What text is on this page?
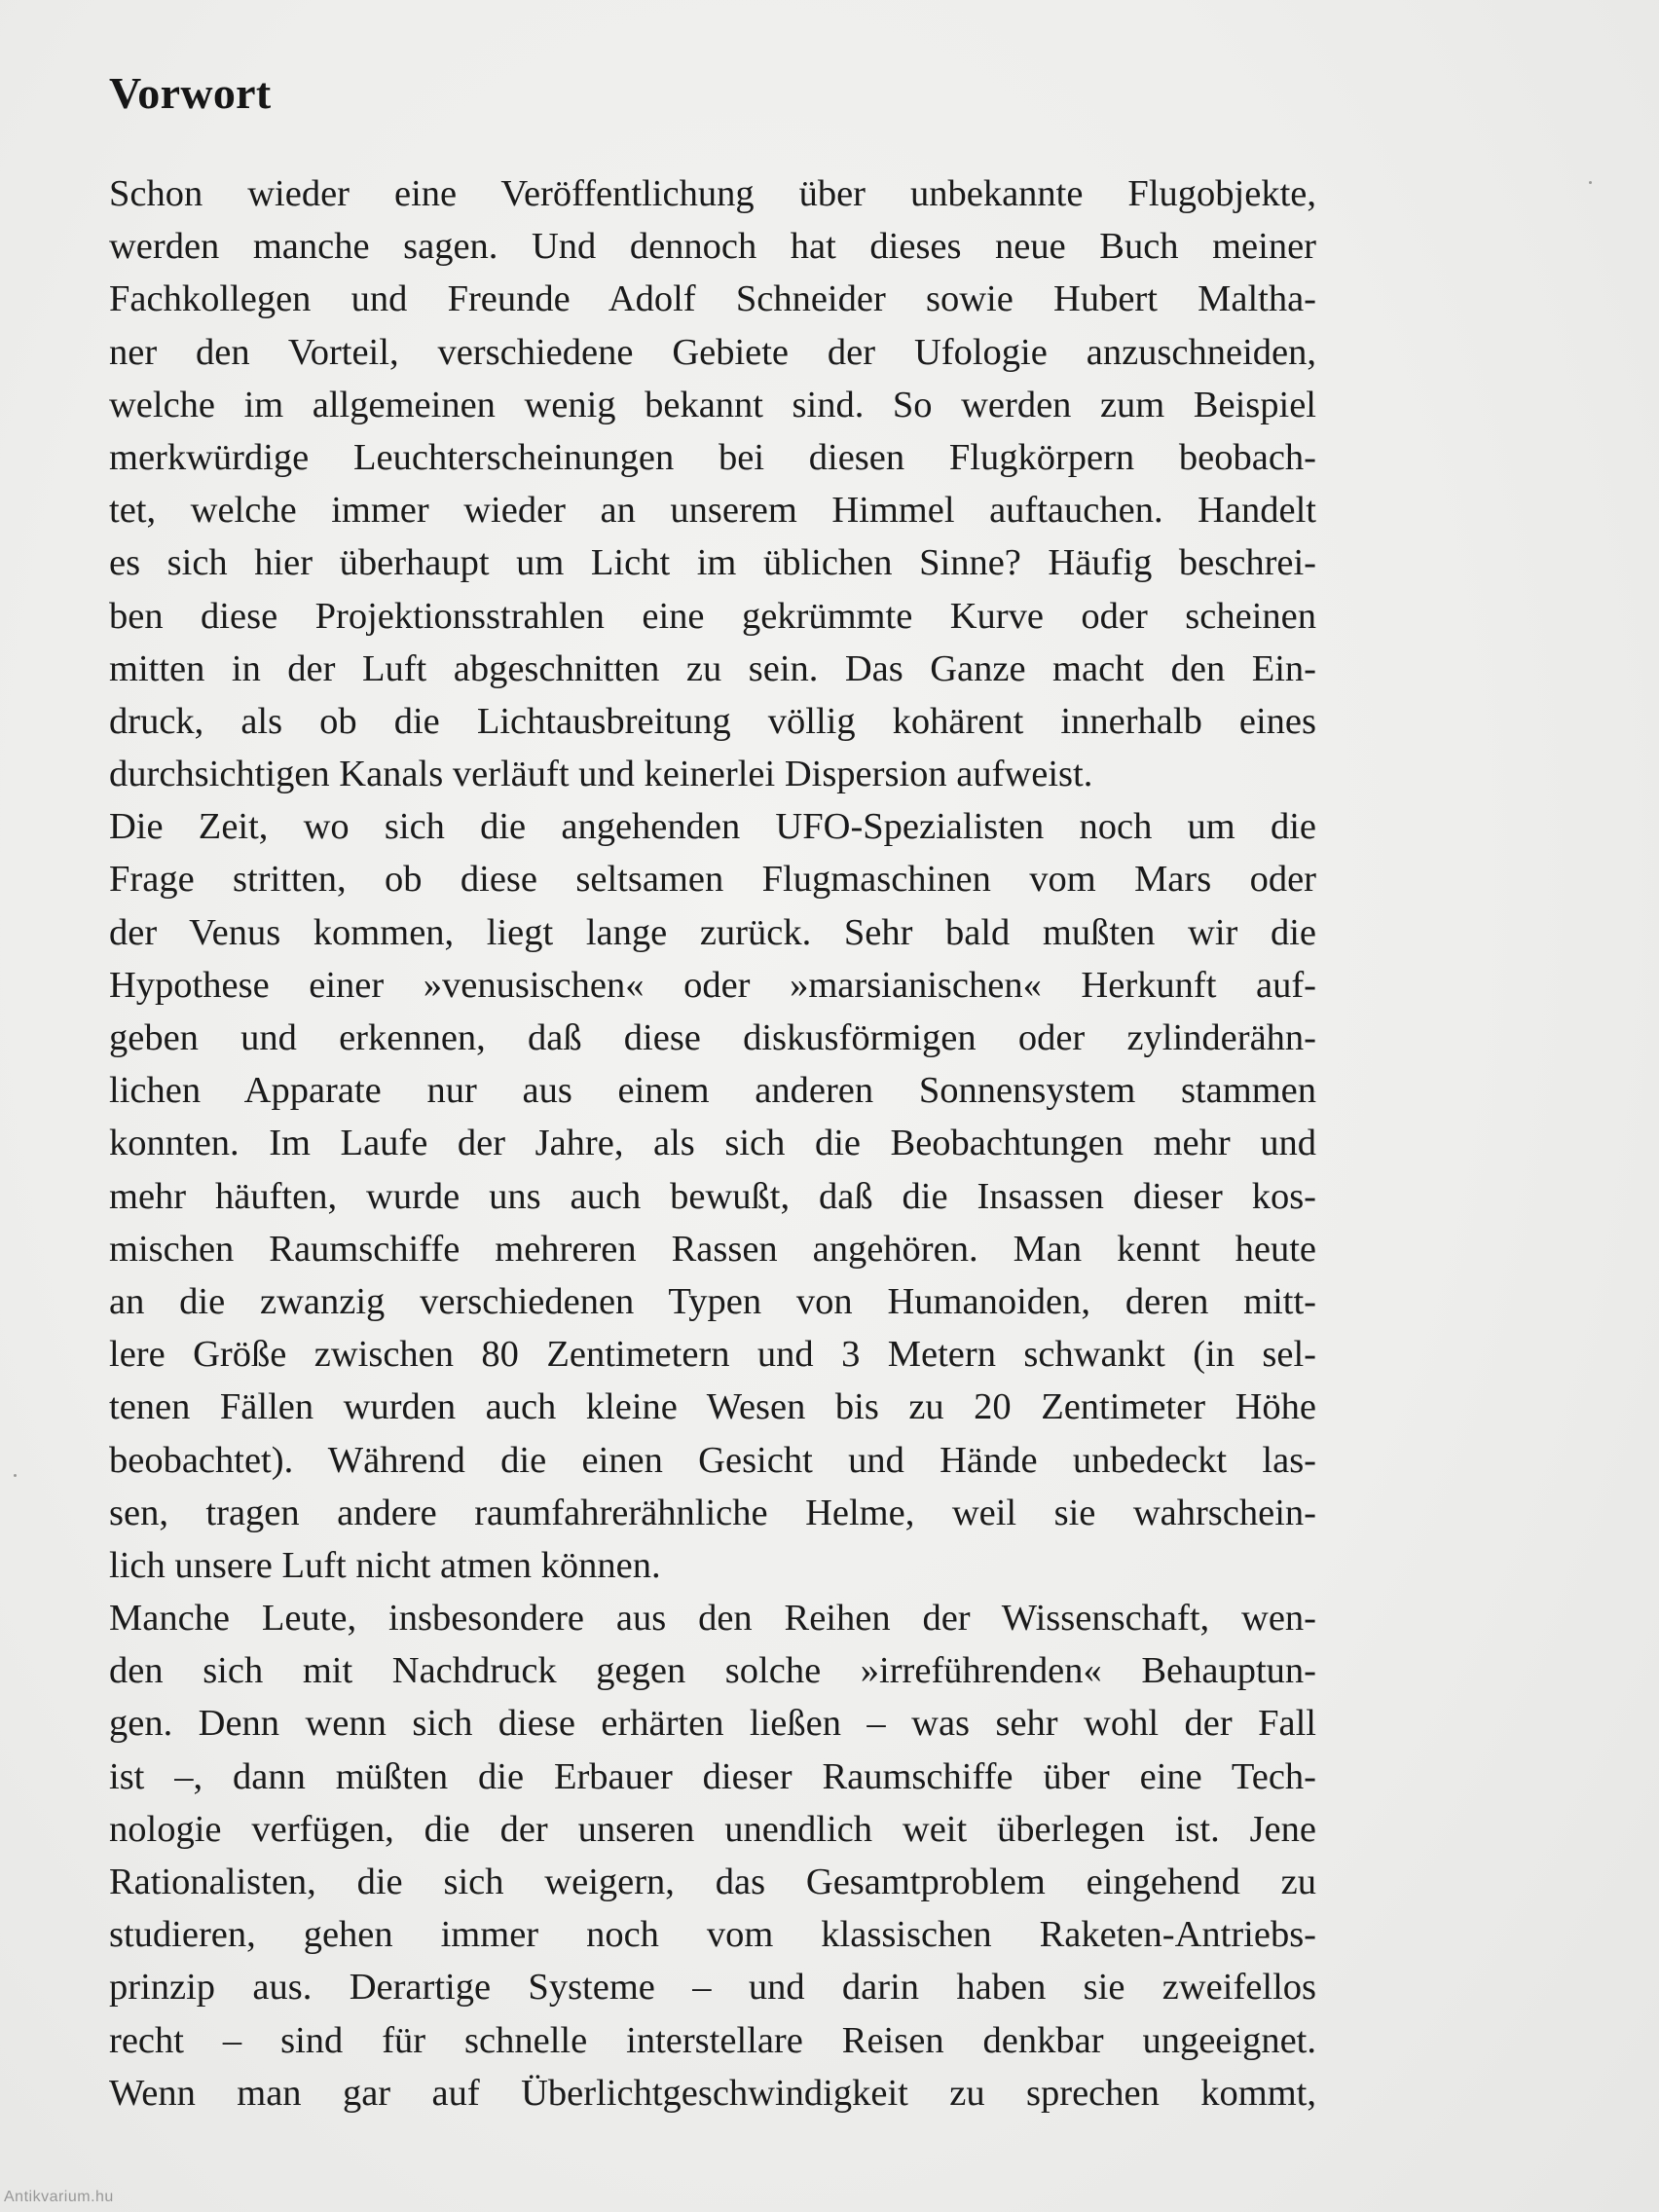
Vorwort
Schon wieder eine Veröffentlichung über unbekannte Flugobjekte,
werden manche sagen. Und dennoch hat dieses neue Buch meiner
Fachkollegen und Freunde Adolf Schneider sowie Hubert Maltha-
ner den Vorteil, verschiedene Gebiete der Ufologie anzuschneiden,
welche im allgemeinen wenig bekannt sind. So werden zum Beispiel
merkwürdige Leuchterscheinungen bei diesen Flugkörpern beobach-
tet, welche immer wieder an unserem Himmel auftauchen. Handelt
es sich hier überhaupt um Licht im üblichen Sinne? Häufig beschrei-
ben diese Projektionsstrahlen eine gekrümmte Kurve oder scheinen
mitten in der Luft abgeschnitten zu sein. Das Ganze macht den Ein-
druck, als ob die Lichtausbreitung völlig kohärent innerhalb eines
durchsichtigen Kanals verläuft und keinerlei Dispersion aufweist.
Die Zeit, wo sich die angehenden UFO-Spezialisten noch um die
Frage stritten, ob diese seltsamen Flugmaschinen vom Mars oder
der Venus kommen, liegt lange zurück. Sehr bald mußten wir die
Hypothese einer »venusischen« oder »marsianischen« Herkunft auf-
geben und erkennen, daß diese diskusförmigen oder zylinderähn-
lichen Apparate nur aus einem anderen Sonnensystem stammen
konnten. Im Laufe der Jahre, als sich die Beobachtungen mehr und
mehr häuften, wurde uns auch bewußt, daß die Insassen dieser kos-
mischen Raumschiffe mehreren Rassen angehören. Man kennt heute
an die zwanzig verschiedenen Typen von Humanoiden, deren mitt-
lere Größe zwischen 80 Zentimetern und 3 Metern schwankt (in sel-
tenen Fällen wurden auch kleine Wesen bis zu 20 Zentimeter Höhe
beobachtet). Während die einen Gesicht und Hände unbedeckt las-
sen, tragen andere raumfahrerähnliche Helme, weil sie wahrschein-
lich unsere Luft nicht atmen können.
Manche Leute, insbesondere aus den Reihen der Wissenschaft, wen-
den sich mit Nachdruck gegen solche »irreführenden« Behauptun-
gen. Denn wenn sich diese erhärten ließen – was sehr wohl der Fall
ist –, dann müßten die Erbauer dieser Raumschiffe über eine Tech-
nologie verfügen, die der unseren unendlich weit überlegen ist. Jene
Rationalisten, die sich weigern, das Gesamtproblem eingehend zu
studieren, gehen immer noch vom klassischen Raketen-Antriebs-
prinzip aus. Derartige Systeme – und darin haben sie zweifellos
recht – sind für schnelle interstellare Reisen denkbar ungeeignet.
Wenn man gar auf Überlichtgeschwindigkeit zu sprechen kommt,
Antikvarium.hu
